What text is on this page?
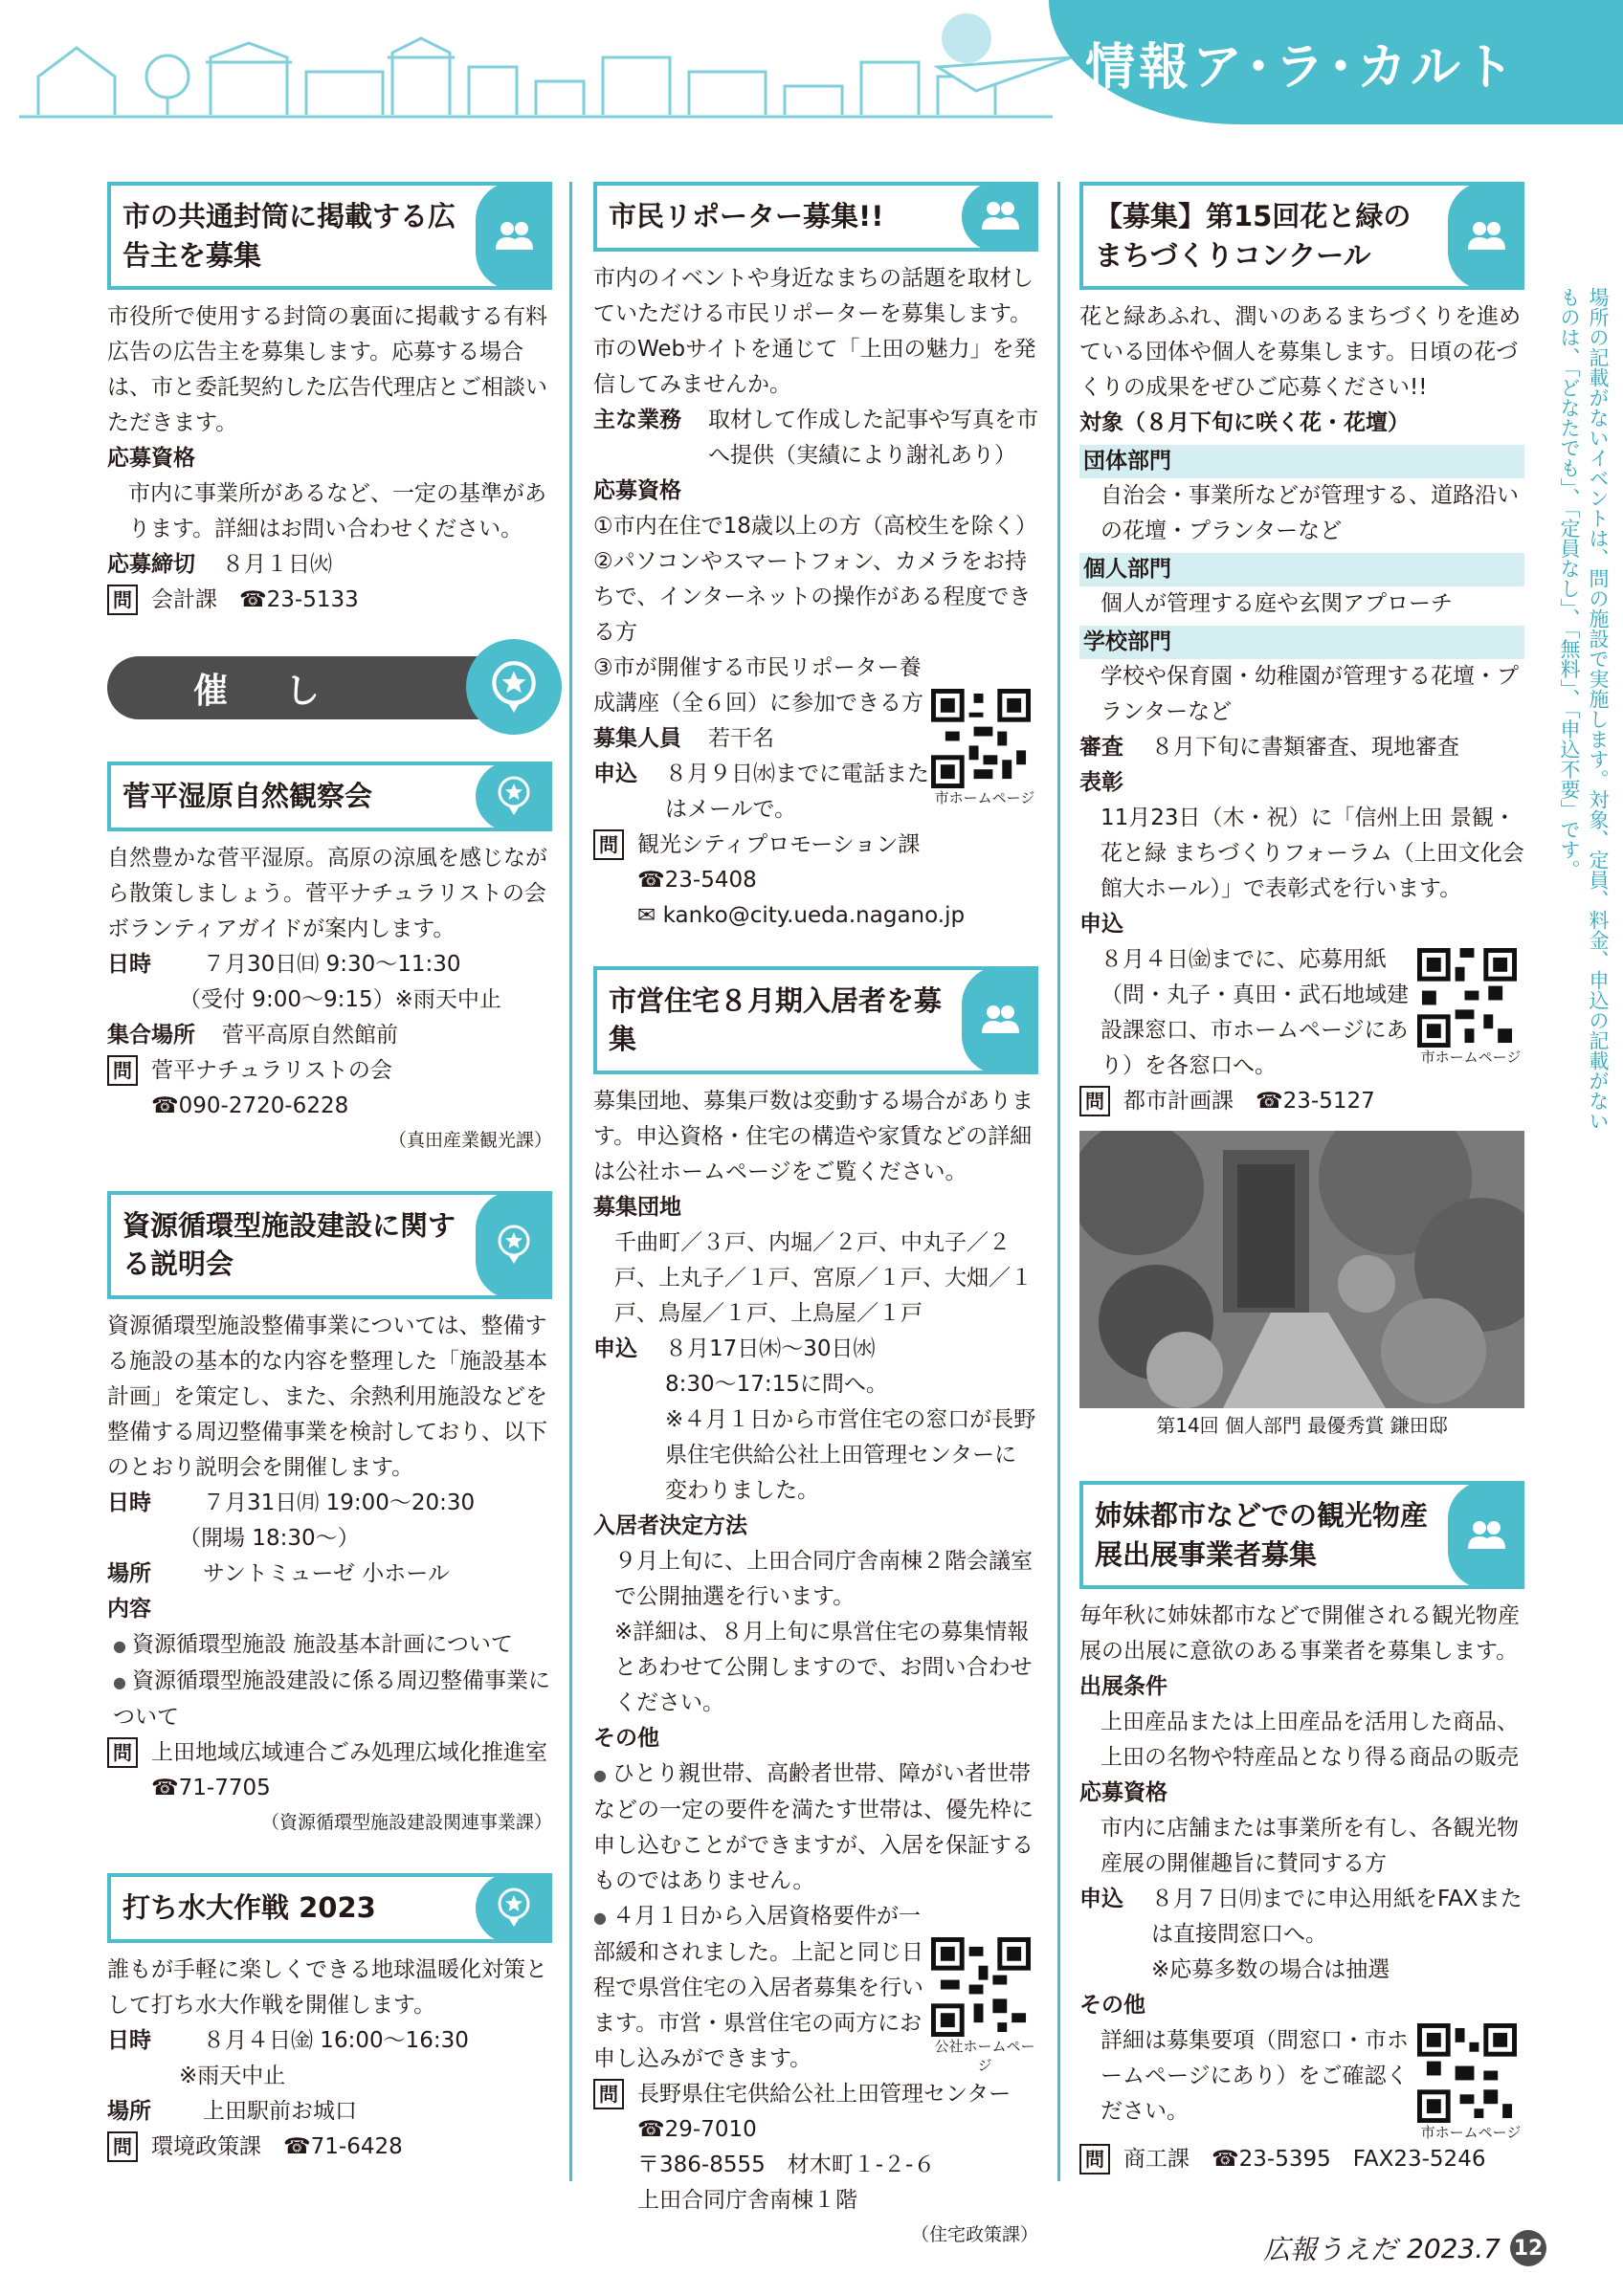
情報ア･ラ･カルト
場所の記載がないイベントは、問の施設で実施します。対象、定員、料金、申込の記載がないものは、「どなたでも」、「定員なし」、「無料」、「申込不要」です。
市の共通封筒に掲載する広告主を募集

市役所で使用する封筒の裏面に掲載する有料広告の広告主を募集します。応募する場合は、市と委託契約した広告代理店とご相談いただきます。

応募資格

市内に事業所があるなど、一定の基準があります。詳細はお問い合わせください。

応募締切	８月１日㈫
問 会計課　☎23‐5133
催し
菅平湿原自然観察会

自然豊かな菅平湿原。高原の涼風を感じながら散策しましょう。菅平ナチュラリストの会ボランティアガイドが案内します。

日時	７月30日㈰ 9:30～11:30

（受付 9:00～9:15）※雨天中止

集合場所	菅平高原自然館前
問 菅平ナチュラリストの会

☎090‐2720‐6228

（真田産業観光課）

資源循環型施設建設に関する説明会

資源循環型施設整備事業については、整備する施設の基本的な内容を整理した「施設基本計画」を策定し、また、余熱利用施設などを整備する周辺整備事業を検討しており、以下のとおり説明会を開催します。

日時	７月31日㈪ 19:00～20:30

（開場 18:30～）

場所	サントミューゼ 小ホール

内容

● 資源循環型施設 施設基本計画について

● 資源循環型施設建設に係る周辺整備事業について

問 上田地域広域連合ごみ処理広域化推進室

☎71‐7705

（資源循環型施設建設関連事業課）

打ち水大作戦 2023

誰もが手軽に楽しくできる地球温暖化対策として打ち水大作戦を開催します。

日時	８月４日㈮ 16:00～16:30

※雨天中止

場所	上田駅前お城口
問 環境政策課　☎71‐6428
市民リポーター募集!!

市内のイベントや身近なまちの話題を取材していただける市民リポーターを募集します。市のWebサイトを通じて「上田の魅力」を発信してみませんか。

主な業務	取材して作成した記事や写真を市へ提供（実績により謝礼あり）

応募資格

①市内在住で18歳以上の方（高校生を除く）

②パソコンやスマートフォン、カメラをお持ちで、インターネットの操作がある程度できる方

③市が開催する市民リポーター養成講座（全６回）に参加できる方

募集人員	若干名
申込	８月９日㈬までに電話またはメールで。	市ホームページ

問 観光シティプロモーション課

☎23‐5408

✉ kanko@city.ueda.nagano.jp

市営住宅８月期入居者を募集

募集団地、募集戸数は変動する場合があります。申込資格・住宅の構造や家賃などの詳細は公社ホームページをご覧ください。

募集団地

千曲町／３戸、内堀／２戸、中丸子／２戸、上丸子／１戸、宮原／１戸、大畑／１戸、鳥屋／１戸、上鳥屋／１戸

申込	８月17日㈭～30日㈬

8:30～17:15に問へ。

※４月１日から市営住宅の窓口が長野県住宅供給公社上田管理センターに変わりました。

入居者決定方法

９月上旬に、上田合同庁舎南棟２階会議室で公開抽選を行います。

※詳細は、８月上旬に県営住宅の募集情報とあわせて公開しますので、お問い合わせください。

その他

● ひとり親世帯、高齢者世帯、障がい者世帯などの一定の要件を満たす世帯は、優先枠に申し込むことができますが、入居を保証するものではありません。

● ４月１日から入居資格要件が一部緩和されました。上記と同じ日程で県営住宅の入居者募集を行います。市営・県営住宅の両方にお申し込みができます。	公社ホームページ

問 長野県住宅供給公社上田管理センター

☎29‐7010

〒386‐8555　材木町１‐２‐６

上田合同庁舎南棟１階

（住宅政策課）

【募集】第15回花と緑のまちづくりコンクール

花と緑あふれ、潤いのあるまちづくりを進めている団体や個人を募集します。日頃の花づくりの成果をぜひご応募ください!!

対象（８月下旬に咲く花・花壇）

団体部門

自治会・事業所などが管理する、道路沿いの花壇・プランターなど

個人部門

個人が管理する庭や玄関アプローチ

学校部門

学校や保育園・幼稚園が管理する花壇・プランターなど

審査	８月下旬に書類審査、現地審査

表彰

11月23日（木・祝）に「信州上田 景観・花と緑 まちづくりフォーラム（上田文化会館大ホール）」で表彰式を行います。

申込

８月４日㈮までに、応募用紙（問・丸子・真田・武石地域建設課窓口、市ホームページにあり）を各窓口へ。	市ホームページ

問 都市計画課　☎23‐5127

第14回 個人部門 最優秀賞 鎌田邸

姉妹都市などでの観光物産展出展事業者募集

毎年秋に姉妹都市などで開催される観光物産展の出展に意欲のある事業者を募集します。

出展条件

上田産品または上田産品を活用した商品、上田の名物や特産品となり得る商品の販売

応募資格

市内に店舗または事業所を有し、各観光物産展の開催趣旨に賛同する方

申込	８月７日㈪までに申込用紙をFAXまたは直接問窓口へ。

※応募多数の場合は抽選

その他

詳細は募集要項（問窓口・市ホームページにあり）をご確認ください。

市ホームページ

問 商工課　☎23‐5395　FAX23‐5246
広報うえだ 2023.7 12
